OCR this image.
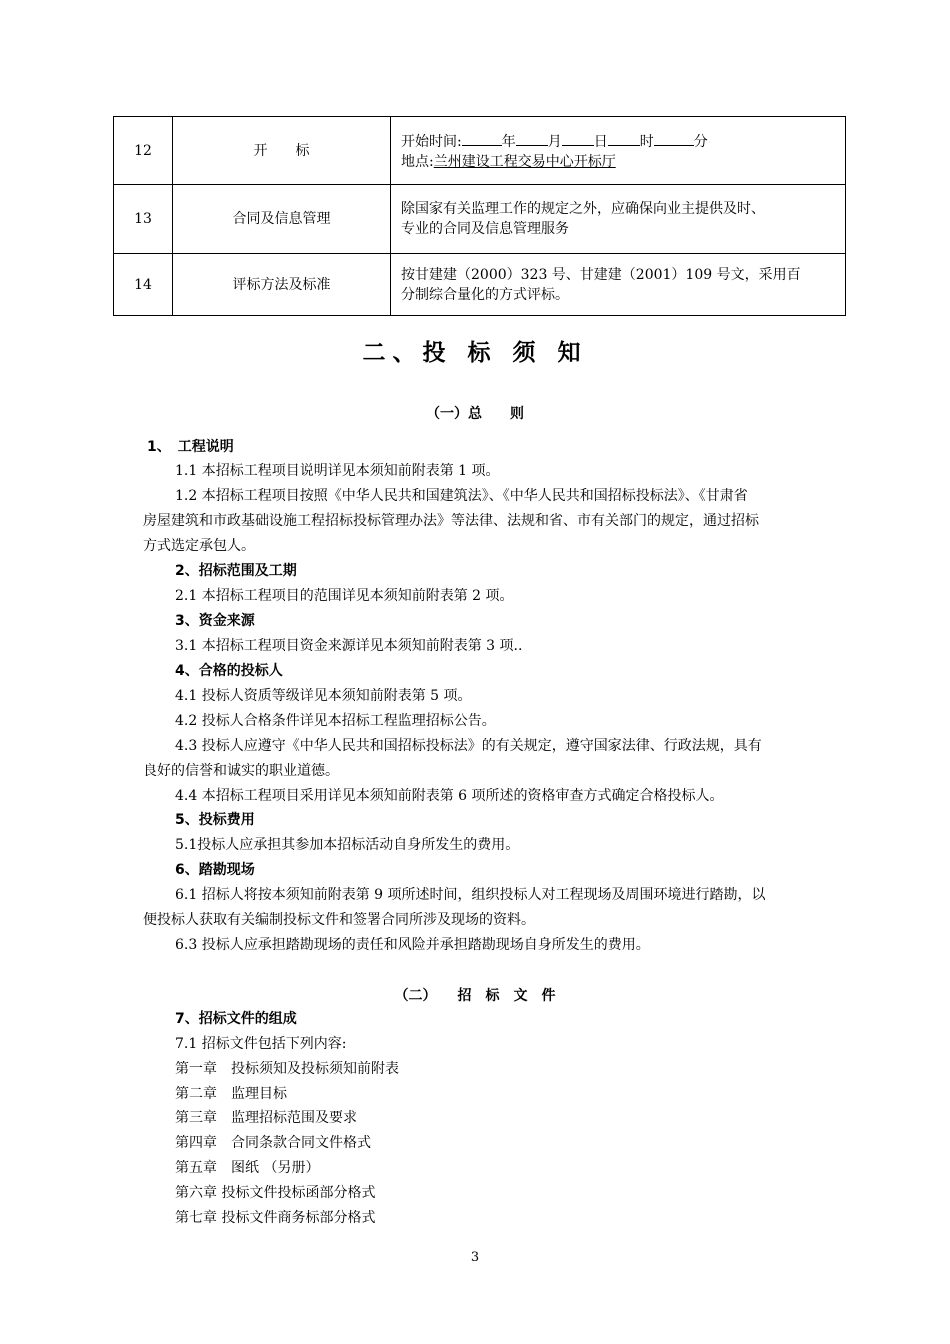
12	开　　标	开始时间: 年 月 日 时 分
地点:兰州建设工程交易中心开标厅

13	合同及信息管理	除国家有关监理工作的规定之外，应确保向业主提供及时、
专业的合同及信息管理服务

14	评标方法及标准	按甘建建（2000）323 号、甘建建（2001）109 号文，采用百
分制综合量化的方式评标。
二、投 标 须 知
（一）总　　则
1、　工程说明
1.1 本招标工程项目说明详见本须知前附表第 1 项。
1.2 本招标工程项目按照《中华人民共和国建筑法》、《中华人民共和国招标投标法》、《甘肃省
房屋建筑和市政基础设施工程招标投标管理办法》等法律、法规和省、市有关部门的规定，通过招标
方式选定承包人。
2、招标范围及工期
2.1 本招标工程项目的范围详见本须知前附表第 2 项。
3、资金来源
3.1 本招标工程项目资金来源详见本须知前附表第 3 项..
4、合格的投标人
4.1 投标人资质等级详见本须知前附表第 5 项。
4.2 投标人合格条件详见本招标工程监理招标公告。
4.3 投标人应遵守《中华人民共和国招标投标法》的有关规定，遵守国家法律、行政法规，具有
良好的信誉和诚实的职业道德。
4.4 本招标工程项目采用详见本须知前附表第 6 项所述的资格审查方式确定合格投标人。
5、投标费用
5.1投标人应承担其参加本招标活动自身所发生的费用。
6、踏勘现场
6.1 招标人将按本须知前附表第 9 项所述时间，组织投标人对工程现场及周围环境进行踏勘，以
便投标人获取有关编制投标文件和签署合同所涉及现场的资料。
6.3 投标人应承担踏勘现场的责任和风险并承担踏勘现场自身所发生的费用。
（二）　　招　标　文　件
7、招标文件的组成
7.1 招标文件包括下列内容:
第一章　投标须知及投标须知前附表
第二章　监理目标
第三章　监理招标范围及要求
第四章　合同条款合同文件格式
第五章　图纸 （另册）
第六章 投标文件投标函部分格式
第七章 投标文件商务标部分格式
3
